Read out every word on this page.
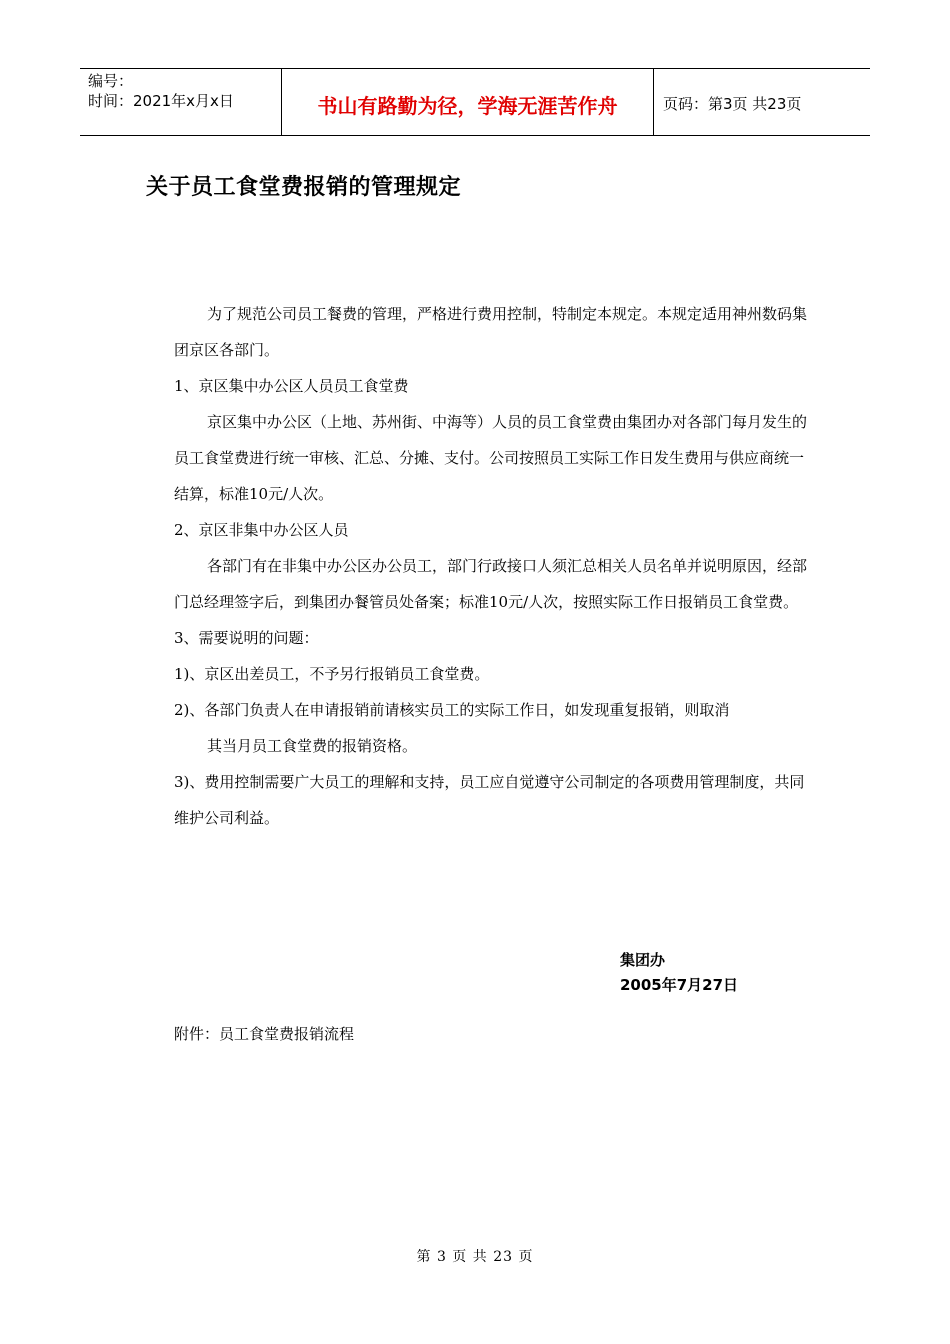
编号：
时间：2021年x月x日	书山有路勤为径，学海无涯苦作舟	页码：第3页 共23页
关于员工食堂费报销的管理规定

为了规范公司员工餐费的管理，严格进行费用控制，特制定本规定。本规定适用神州数码集团京区各部门。

1、京区集中办公区人员员工食堂费

京区集中办公区（上地、苏州街、中海等）人员的员工食堂费由集团办对各部门每月发生的员工食堂费进行统一审核、汇总、分摊、支付。公司按照员工实际工作日发生费用与供应商统一结算，标准10元/人次。

2、京区非集中办公区人员

各部门有在非集中办公区办公员工，部门行政接口人须汇总相关人员名单并说明原因，经部门总经理签字后，到集团办餐管员处备案；标准10元/人次，按照实际工作日报销员工食堂费。

3、需要说明的问题：

1)、京区出差员工，不予另行报销员工食堂费。

2)、各部门负责人在申请报销前请核实员工的实际工作日，如发现重复报销，则取消

其当月员工食堂费的报销资格。

3)、费用控制需要广大员工的理解和支持，员工应自觉遵守公司制定的各项费用管理制度，共同维护公司利益。

集团办
2005年7月27日
附件：员工食堂费报销流程
第 3 页 共 23 页
